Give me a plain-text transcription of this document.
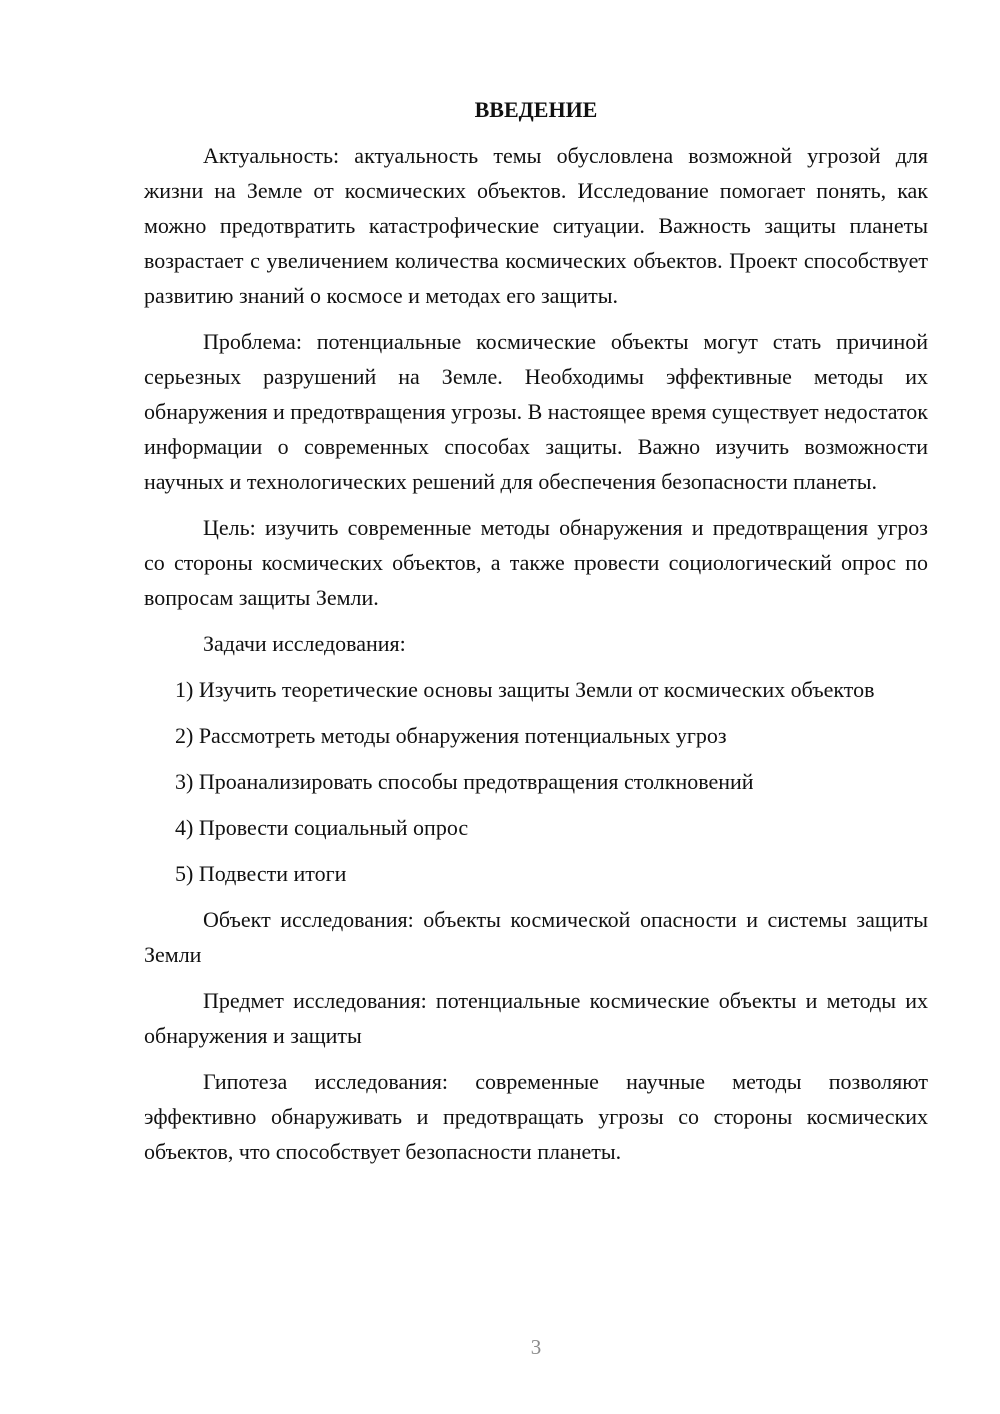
ВВЕДЕНИЕ

Актуальность: актуальность темы обусловлена возможной угрозой для жизни на Земле от космических объектов. Исследование помогает понять, как можно предотвратить катастрофические ситуации. Важность защиты планеты возрастает с увеличением количества космических объектов. Проект способствует развитию знаний о космосе и методах его защиты.

Проблема: потенциальные космические объекты могут стать причиной серьезных разрушений на Земле. Необходимы эффективные методы их обнаружения и предотвращения угрозы. В настоящее время существует недостаток информации о современных способах защиты. Важно изучить возможности научных и технологических решений для обеспечения безопасности планеты.

Цель: изучить современные методы обнаружения и предотвращения угроз со стороны космических объектов, а также провести социологический опрос по вопросам защиты Земли.

Задачи исследования:

1) Изучить теоретические основы защиты Земли от космических объектов

2) Рассмотреть методы обнаружения потенциальных угроз

3) Проанализировать способы предотвращения столкновений

4) Провести социальный опрос

5) Подвести итоги

Объект исследования: объекты космической опасности и системы защиты Земли

Предмет исследования: потенциальные космические объекты и методы их обнаружения и защиты

Гипотеза исследования: современные научные методы позволяют эффективно обнаруживать и предотвращать угрозы со стороны космических объектов, что способствует безопасности планеты.

3
